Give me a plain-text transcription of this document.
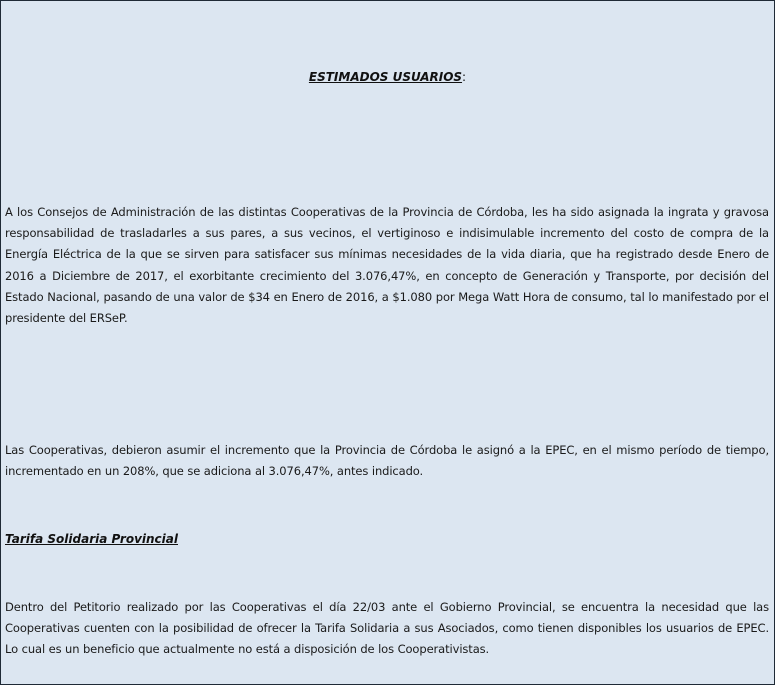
ESTIMADOS USUARIOS:

A los Consejos de Administración de las distintas Cooperativas de la Provincia de Córdoba, les ha sido asignada la ingrata y gravosa responsabilidad de trasladarles a sus pares, a sus vecinos, el vertiginoso e indisimulable incremento del costo de compra de la Energía Eléctrica de la que se sirven para satisfacer sus mínimas necesidades de la vida diaria, que ha registrado desde Enero de 2016 a Diciembre de 2017, el exorbitante crecimiento del 3.076,47%, en concepto de Generación y Transporte, por decisión del Estado Nacional, pasando de una valor de $34 en Enero de 2016, a $1.080 por Mega Watt Hora de consumo, tal lo manifestado por el presidente del ERSeP.

Las Cooperativas, debieron asumir el incremento que la Provincia de Córdoba le asignó a la EPEC, en el mismo período de tiempo, incrementado en un 208%, que se adiciona al 3.076,47%, antes indicado.

Tarifa Solidaria Provincial

Dentro del Petitorio realizado por las Cooperativas el día 22/03 ante el Gobierno Provincial, se encuentra la necesidad que las Cooperativas cuenten con la posibilidad de ofrecer la Tarifa Solidaria a sus Asociados, como tienen disponibles los usuarios de EPEC. Lo cual es un beneficio que actualmente no está a disposición de los Cooperativistas.
